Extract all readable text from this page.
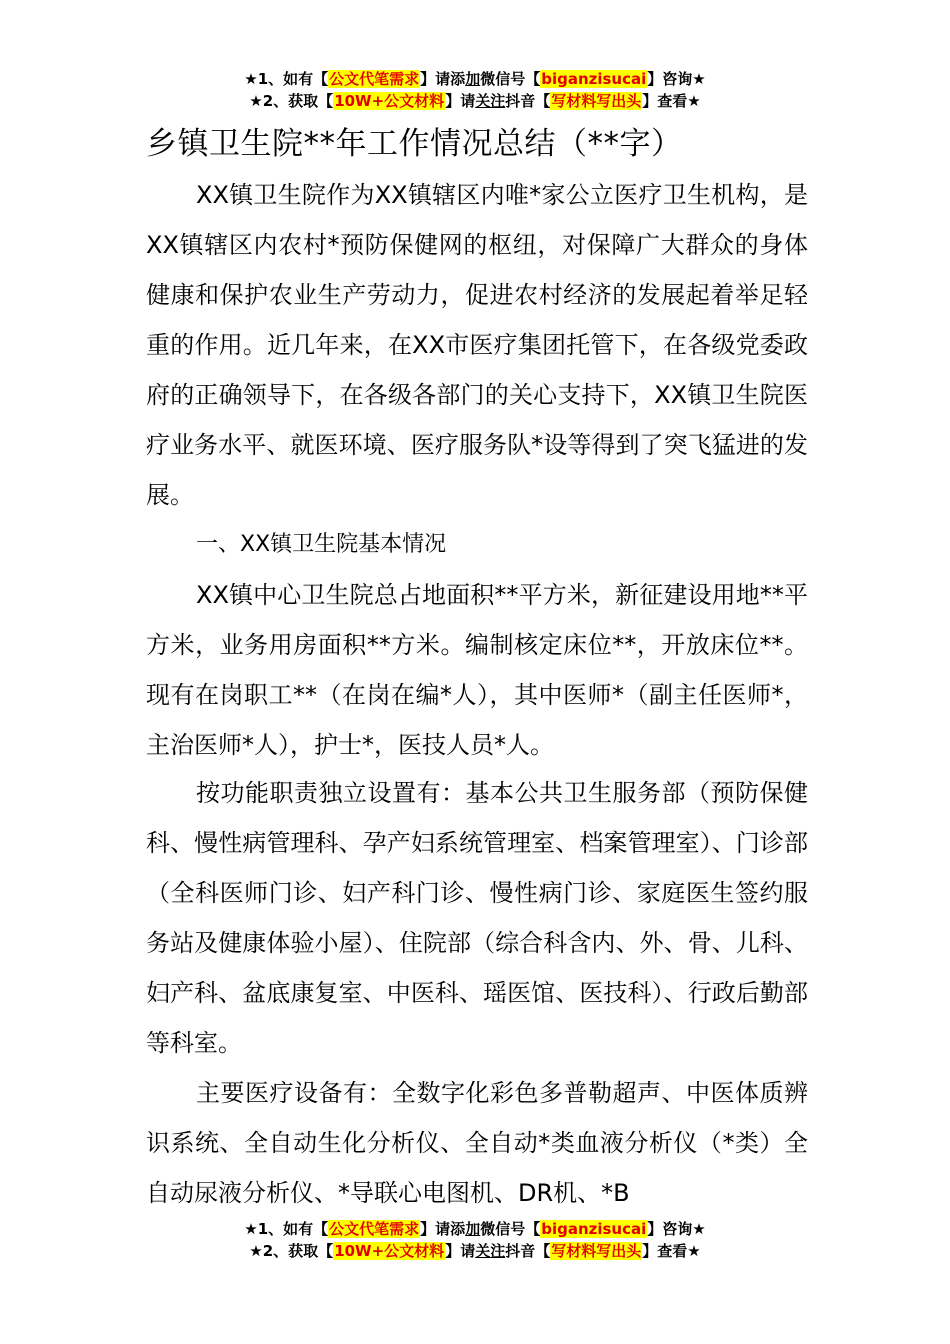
★1、如有【公文代笔需求】请添加微信号【biganzisucai】咨询★
★2、获取【10W+公文材料】请关注抖音【写材料写出头】查看★
乡镇卫生院**年工作情况总结（**字）

XX镇卫生院作为XX镇辖区内唯*家公立医疗卫生机构，是XX镇辖区内农村*预防保健网的枢纽，对保障广大群众的身体健康和保护农业生产劳动力，促进农村经济的发展起着举足轻重的作用。近几年来，在XX市医疗集团托管下，在各级党委政府的正确领导下，在各级各部门的关心支持下，XX镇卫生院医疗业务水平、就医环境、医疗服务队*设等得到了突飞猛进的发展。

一、XX镇卫生院基本情况

XX镇中心卫生院总占地面积**平方米，新征建设用地**平方米，业务用房面积**方米。编制核定床位**，开放床位**。现有在岗职工**（在岗在编*人），其中医师*（副主任医师*，主治医师*人），护士*，医技人员*人。

按功能职责独立设置有：基本公共卫生服务部（预防保健科、慢性病管理科、孕产妇系统管理室、档案管理室）、门诊部（全科医师门诊、妇产科门诊、慢性病门诊、家庭医生签约服务站及健康体验小屋）、住院部（综合科含内、外、骨、儿科、妇产科、盆底康复室、中医科、瑶医馆、医技科）、行政后勤部等科室。

主要医疗设备有：全数字化彩色多普勒超声、中医体质辨识系统、全自动生化分析仪、全自动*类血液分析仪（*类）全自动尿液分析仪、*导联心电图机、DR机、*B

★1、如有【公文代笔需求】请添加微信号【biganzisucai】咨询★
★2、获取【10W+公文材料】请关注抖音【写材料写出头】查看★
